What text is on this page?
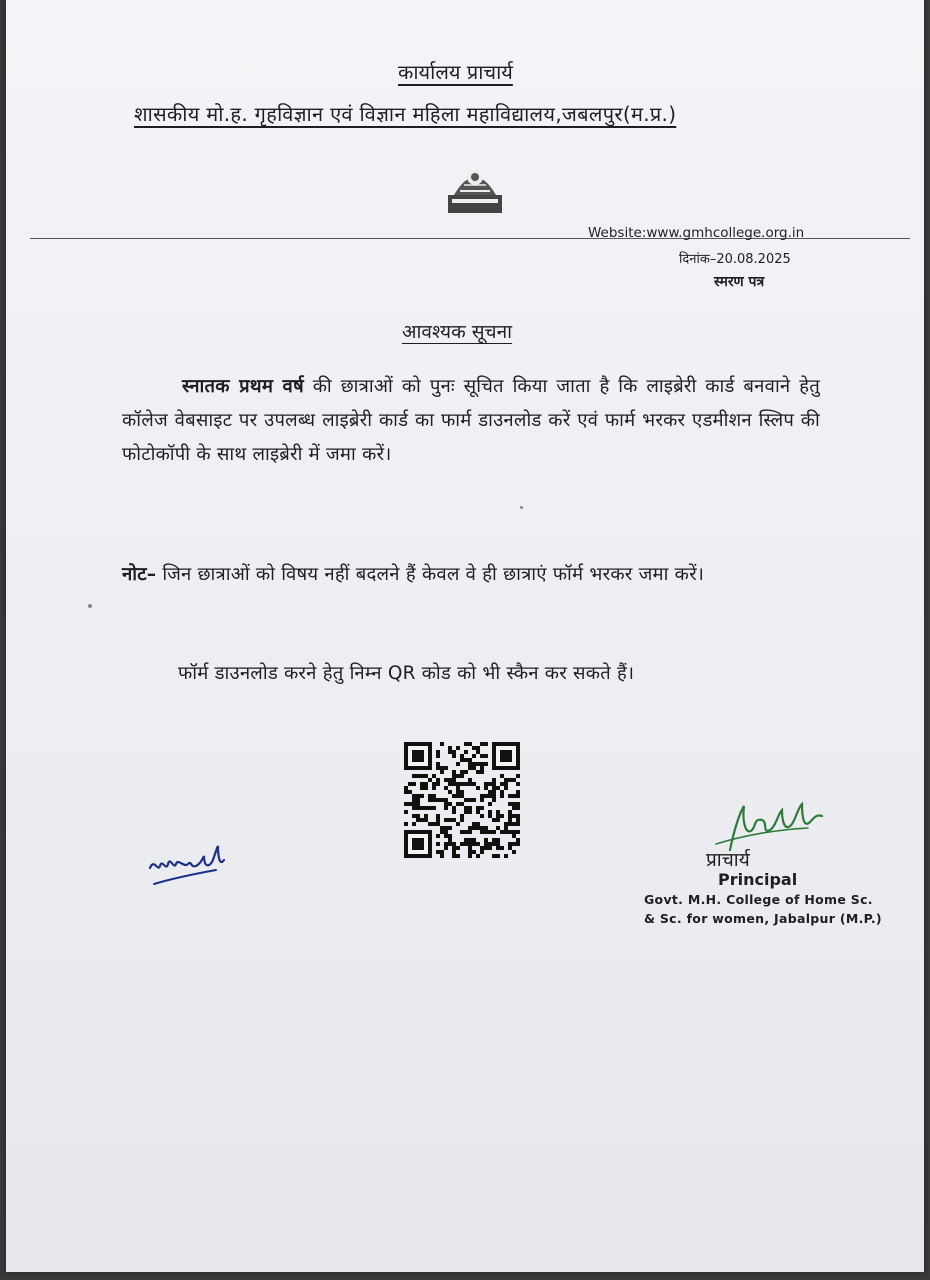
कार्यालय प्राचार्य
शासकीय मो.ह. गृहविज्ञान एवं विज्ञान महिला महाविद्यालय,जबलपुर(म.प्र.)
Website:www.gmhcollege.org.in
दिनांक–20.08.2025
स्मरण पत्र
आवश्यक सूचना
स्नातक प्रथम वर्ष की छात्राओं को पुनः सूचित किया जाता है कि लाइब्रेरी कार्ड बनवाने हेतु कॉलेज वेबसाइट पर उपलब्ध लाइब्रेरी कार्ड का फार्म डाउनलोड करें एवं फार्म भरकर एडमीशन स्लिप की फोटोकॉपी के साथ लाइब्रेरी में जमा करें।
नोट– जिन छात्राओं को विषय नहीं बदलने हैं केवल वे ही छात्राएं फॉर्म भरकर जमा करें।
फॉर्म डाउनलोड करने हेतु निम्न QR कोड को भी स्कैन कर सकते हैं।
प्राचार्य
Principal
Govt. M.H. College of Home Sc.
& Sc. for women, Jabalpur (M.P.)
